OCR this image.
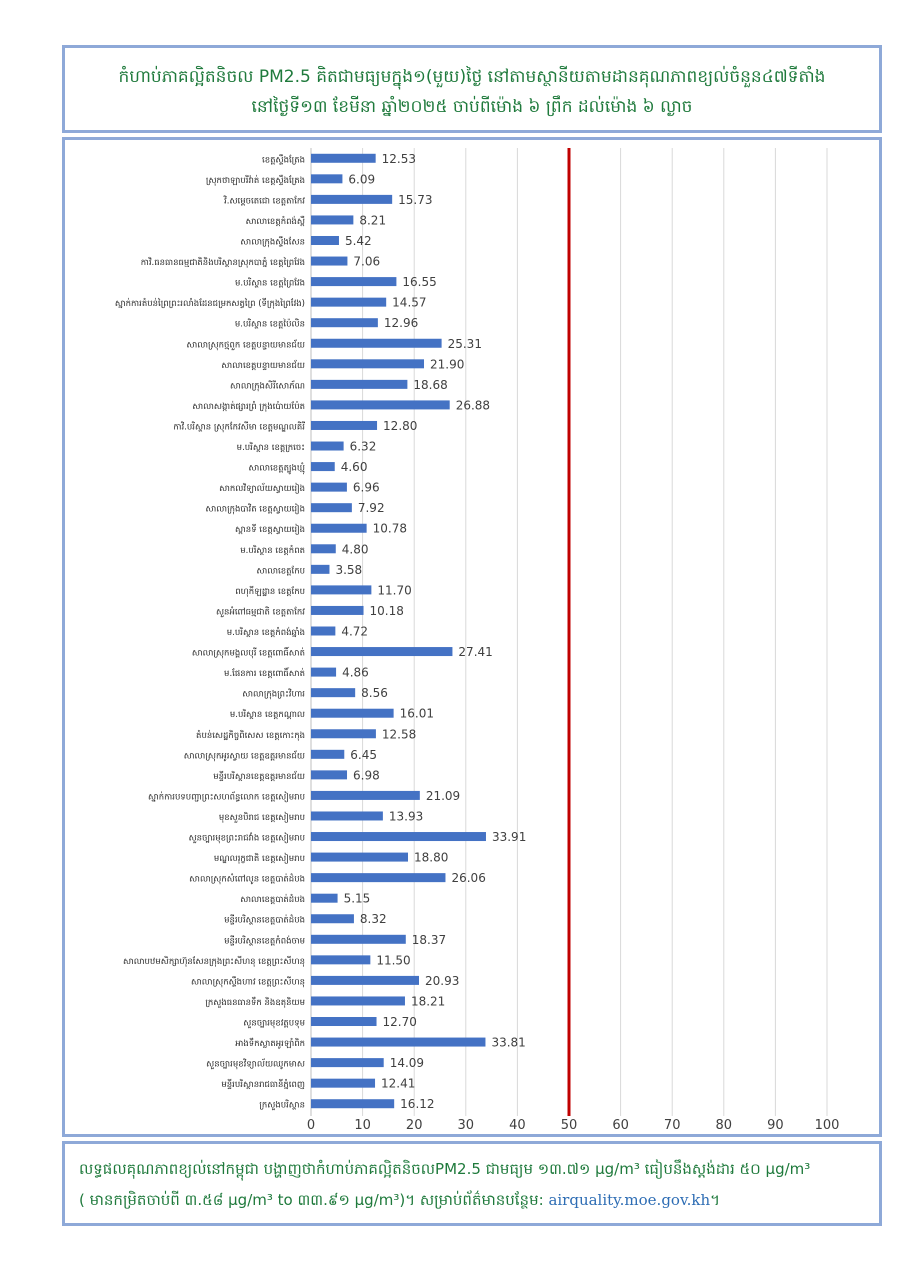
កំហាប់ភាគល្អិតនិចល PM2.5 គិតជាមធ្យមក្នុង១(មួយ)ថ្ងៃ នៅតាមស្ថានីយតាមដានគុណភាពខ្យល់ចំនួន៤៧ទីតាំង
នៅថ្ងៃទី១៣ ខែមីនា ឆ្នាំ២០២៥ ចាប់ពីម៉ោង ៦ ព្រឹក ដល់ម៉ោង ៦ ល្ងាច
0	10	20	30	40	50	60	70	80	90 100
12.53
ខេត្តស្ទឹងត្រែង
6.09
ស្រុកថាឡាបរិវ៉ាត់ ខេត្តស្ទឹងត្រែង
15.73
វិ.សម្ដេចតេជោ ខេត្តតាកែវ
8.21
សាលាខេត្តកំពង់ស្ពឺ
5.42
សាលាក្រុងស្ទឹងសែន
7.06
កាវិ.ធនធានធម្មជាតិនិងបរិស្ថានស្រុកបាភ្នំ ខេត្តព្រៃវែង
16.55
ម.បរិស្ថាន ខេត្តព្រៃវែង
14.57
ស្នាក់ការតំបន់ព្រៃព្រះរលាំងដែនជម្រកសត្វព្រៃ (ទីក្រុងព្រៃវែង)
12.96
ម.បរិស្ថាន ខេត្តប៉ៃលិន
25.31
សាលាស្រុកថ្មពួក ខេត្តបន្ទាយមានជ័យ
21.90
សាលាខេត្តបន្ទាយមានជ័យ
18.68
សាលាក្រុងសិរីសោភ័ណ
26.88
សាលាសង្កាត់ផ្សារព្រំ ក្រុងប៉ោយប៉ែត
12.80
កាវិ.បរិស្ថាន ស្រុកកែវសីមា ខេត្តមណ្ឌលគិរី
6.32
ម.បរិស្ថាន ខេត្តក្រចេះ
4.60
សាលាខេត្តត្បូងឃ្មុំ
6.96
សាកលវិទ្យាល័យស្វាយរៀង
7.92
សាលាក្រុងបាវិត ខេត្តស្វាយរៀង
10.78
ស្ពានទី ខេត្តស្វាយរៀង
4.80
ម.បរិស្ថាន ខេត្តកំពត
3.58
សាលាខេត្តកែប
11.70
ពហុកីឡដ្ឋាន ខេត្តកែប
10.18
សួនអំពៅធម្មជាតិ ខេត្តតាកែវ
4.72
ម.បរិស្ថាន ខេត្តកំពង់ឆ្នាំង
27.41
សាលាស្រុកមង្គលបុរី ខេត្តពោធិ៍សាត់
4.86
ម.ផែនការ ខេត្តពោធិ៍សាត់
8.56
សាលាក្រុងព្រះវិហារ
16.01
ម.បរិស្ថាន ខេត្តកណ្ដាល
12.58
តំបន់សេដ្ឋកិច្ចពិសេស ខេត្តកោះកុង
6.45
សាលាស្រុកអូរស្វាយ ខេត្តឧត្តរមានជ័យ
6.98
មន្ទីរបរិស្ថានខេត្តឧត្តរមានជ័យ
21.09
ស្នាក់ការបទបញ្ជាព្រះសហព័ន្ធលោក ខេត្តសៀមរាប
13.93
មុខសួនបិរាជ ខេត្តសៀមរាប
33.91
សួនច្បារមុខព្រះរាជវាំង ខេត្តសៀមរាប
18.80
មណ្ឌលរុក្ខជាតិ ខេត្តសៀមរាប
26.06
សាលាស្រុកសំពៅលូន ខេត្តបាត់ដំបង
5.15
សាលាខេត្តបាត់ដំបង
8.32
មន្ទីរបរិស្ថានខេត្តបាត់ដំបង
18.37
មន្ទីរបរិស្ថានខេត្តកំពង់ចាម
11.50
សាលាបឋមសិក្សាហ៊ុនសែនក្រុងព្រះសីហនុ ខេត្តព្រះសីហនុ
20.93
សាលាស្រុកស្ទឹងហាវ ខេត្តព្រះសីហនុ
18.21
ក្រសួងធនធានទឹក និងឧតុនិយម
12.70
សួនច្បារមុខវត្តបទុម
33.81
អាងទឹកស្លាតអូរឡាំពិក
14.09
សួនច្បារមុខវិទ្យាល័យឈូកមាស
12.41
មន្ទីរបរិស្ថានរាជធានីភ្នំពេញ
16.12
ក្រសួងបរិស្ថាន
លទ្ធផលគុណភាពខ្យល់នៅកម្ពុជា បង្ហាញថាកំហាប់ភាគល្អិតនិចលPM2.5 ជាមធ្យម ១៣.៧១ µg/m³ ធៀបនឹងស្តង់ដារ ៥០ µg/m³
( មានកម្រិតចាប់ពី ៣.៥៨ µg/m³ to ៣៣.៩១ µg/m³)។ សម្រាប់ព័ត៌មានបន្ថែម: airquality.moe.gov.kh។
